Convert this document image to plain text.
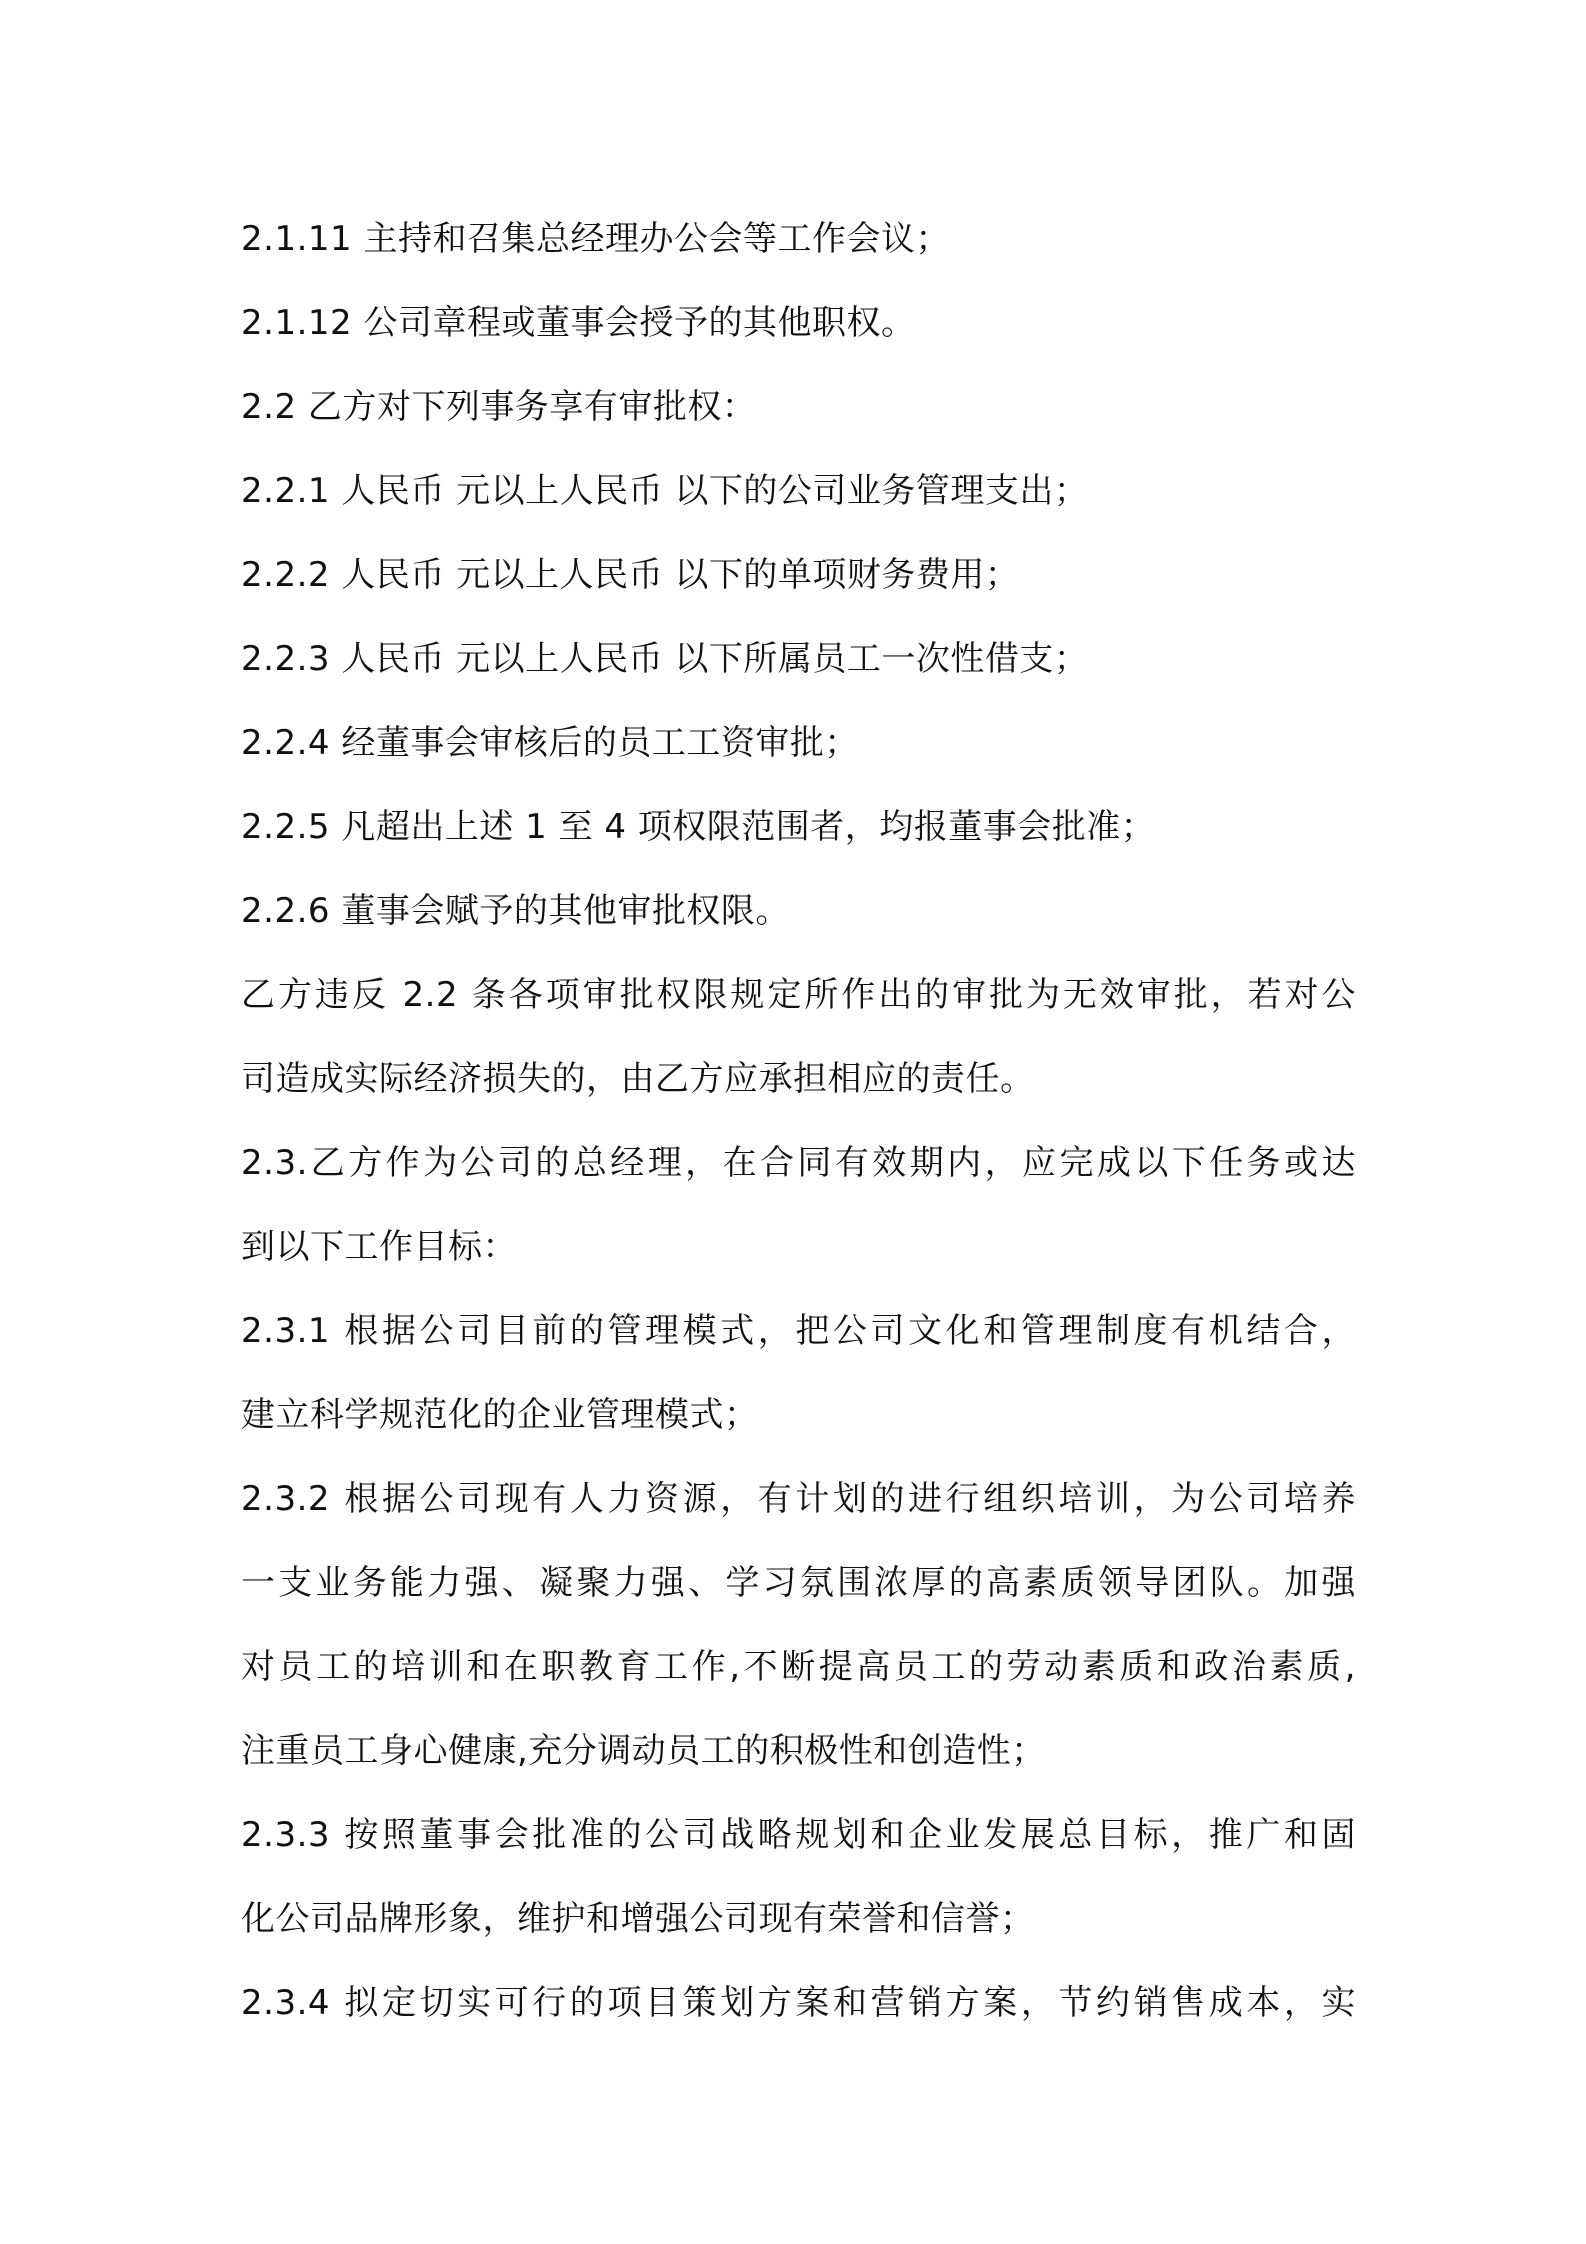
2.1.11 主持和召集总经理办公会等工作会议；
2.1.12 公司章程或董事会授予的其他职权。
2.2 乙方对下列事务享有审批权：
2.2.1 人民币 元以上人民币 以下的公司业务管理支出；
2.2.2 人民币 元以上人民币 以下的单项财务费用；
2.2.3 人民币 元以上人民币 以下所属员工一次性借支；
2.2.4 经董事会审核后的员工工资审批；
2.2.5 凡超出上述 1 至 4 项权限范围者，均报董事会批准；
2.2.6 董事会赋予的其他审批权限。
乙方违反 2.2 条各项审批权限规定所作出的审批为无效审批，若对公
司造成实际经济损失的，由乙方应承担相应的责任。
2.3.乙方作为公司的总经理，在合同有效期内，应完成以下任务或达
到以下工作目标：
2.3.1 根据公司目前的管理模式，把公司文化和管理制度有机结合，
建立科学规范化的企业管理模式；
2.3.2 根据公司现有人力资源，有计划的进行组织培训，为公司培养
一支业务能力强、凝聚力强、学习氛围浓厚的高素质领导团队。加强
对员工的培训和在职教育工作,不断提高员工的劳动素质和政治素质,
注重员工身心健康,充分调动员工的积极性和创造性；
2.3.3 按照董事会批准的公司战略规划和企业发展总目标，推广和固
化公司品牌形象，维护和增强公司现有荣誉和信誉；
2.3.4 拟定切实可行的项目策划方案和营销方案，节约销售成本，实
